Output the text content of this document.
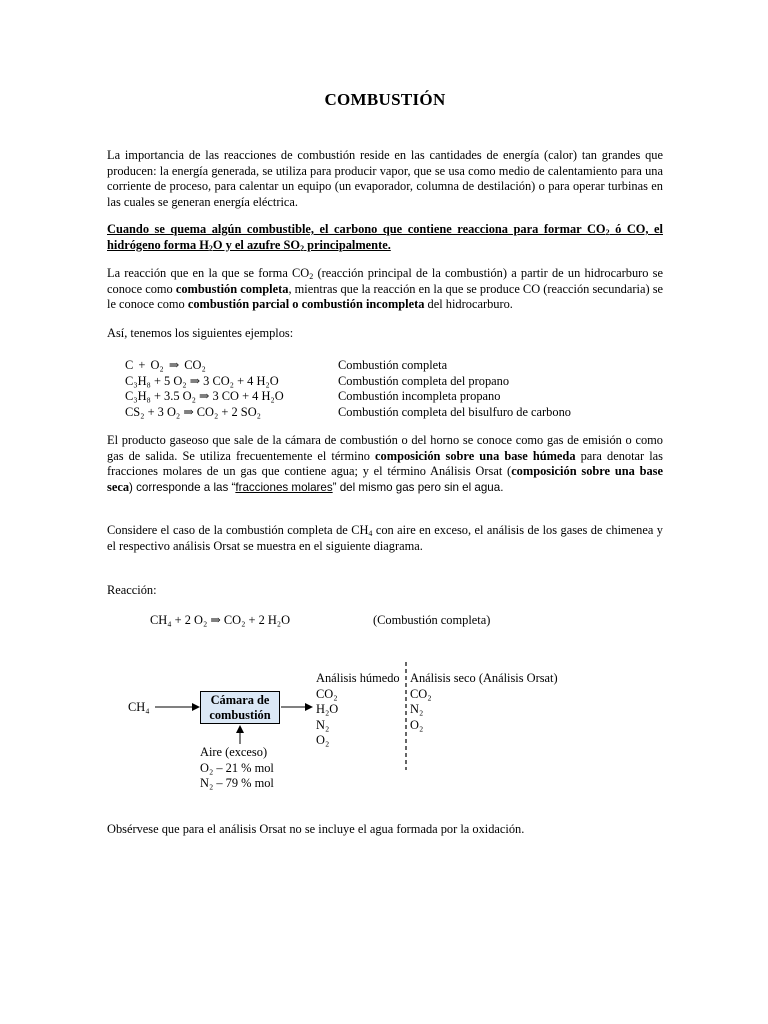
COMBUSTIÓN

La importancia de las reacciones de combustión reside en las cantidades de energía (calor) tan grandes que producen: la energía generada, se utiliza para producir vapor, que se usa como medio de calentamiento para una corriente de proceso, para calentar un equipo (un evaporador, columna de destilación) o para operar turbinas en las cuales se generan energía eléctrica.

Cuando se quema algún combustible, el carbono que contiene reacciona para formar $CO_2$ ó CO, el hidrógeno forma $H_2O$ y el azufre $SO_2$ principalmente.

La reacción que en la que se forma $CO_2$ (reacción principal de la combustión) a partir de un hidrocarburo se conoce como combustión completa, mientras que la reacción en la que se produce CO (reacción secundaria) se le conoce como combustión parcial o combustión incompleta del hidrocarburo.

Así, tenemos los siguientes ejemplos:

C + O₂ ⇒ CO₂	Combustión completa
C₃H₈ + 5 O₂ ⇒ 3 CO₂ + 4 H₂O	Combustión completa del propano
C₃H₈ + 3.5 O₂ ⇒ 3 CO + 4 H₂O	Combustión incompleta propano
CS₂ + 3 O₂ ⇒ CO₂ + 2 SO₂	Combustión completa del bisulfuro de carbono

El producto gaseoso que sale de la cámara de combustión o del horno se conoce como gas de emisión o como gas de salida. Se utiliza frecuentemente el término composición sobre una base húmeda para denotar las fracciones molares de un gas que contiene agua; y el término Análisis Orsat (composición sobre una base seca) corresponde a las “fracciones molares” del mismo gas pero sin el agua.

Considere el caso de la combustión completa de $CH_4$ con aire en exceso, el análisis de los gases de chimenea y el respectivo análisis Orsat se muestra en el siguiente diagrama.

Reacción:

CH₄ + 2 O₂ ⇒ CO₂ + 2 H₂O	(Combustión completa)
CH₄	Cámara de
combustión
Aire (exceso)
O₂ – 21 % mol
N₂ – 79 % mol
Análisis húmedo
CO₂
H₂O
N₂
O₂
Análisis seco (Análisis Orsat)
CO₂
N₂
O₂

Obsérvese que para el análisis Orsat no se incluye el agua formada por la oxidación.
